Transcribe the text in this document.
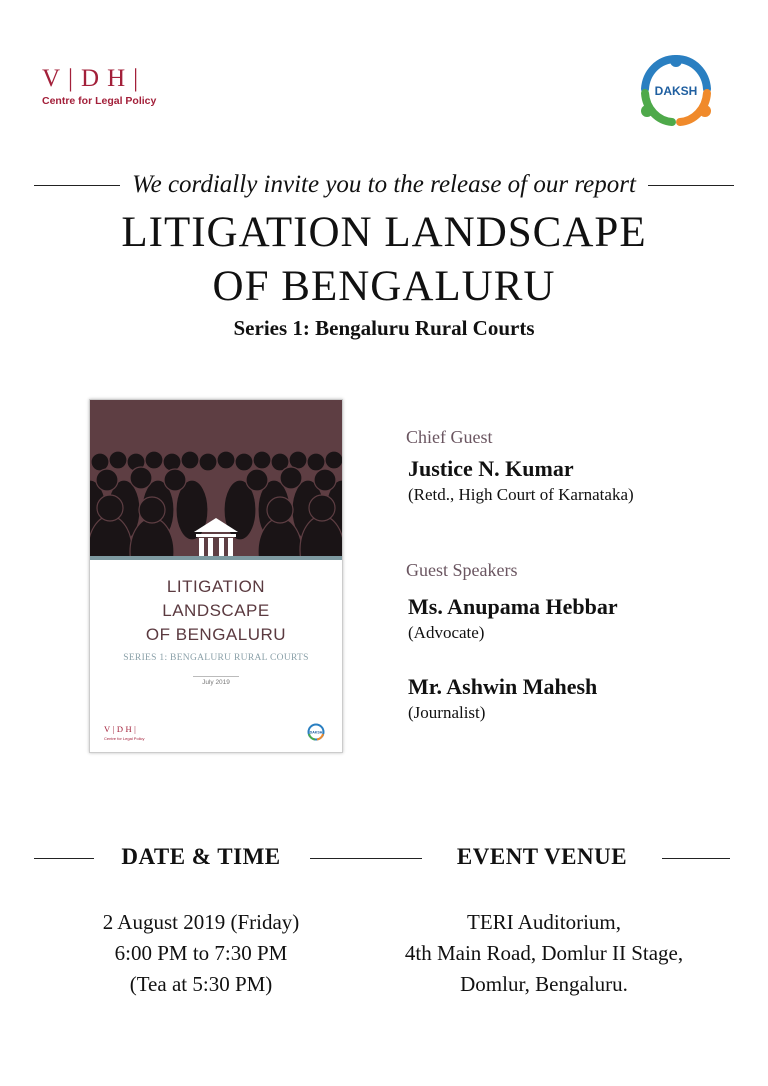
V|DH|
Centre for Legal Policy
DAKSH
We cordially invite you to the release of our report
LITIGATION LANDSCAPE
OF BENGALURU
Series 1: Bengaluru Rural Courts
LITIGATION
LANDSCAPE
OF BENGALURU
SERIES 1: BENGALURU RURAL COURTS
July 2019
V|DH|
Centre for Legal Policy
DAKSH
Chief Guest
Justice N. Kumar
(Retd., High Court of Karnataka)
Guest Speakers
Ms. Anupama Hebbar
(Advocate)
Mr. Ashwin Mahesh
(Journalist)
DATE & TIME	EVENT VENUE
2 August 2019 (Friday)
6:00 PM to 7:30 PM
(Tea at 5:30 PM)
TERI Auditorium,
4th Main Road, Domlur II Stage,
Domlur, Bengaluru.
